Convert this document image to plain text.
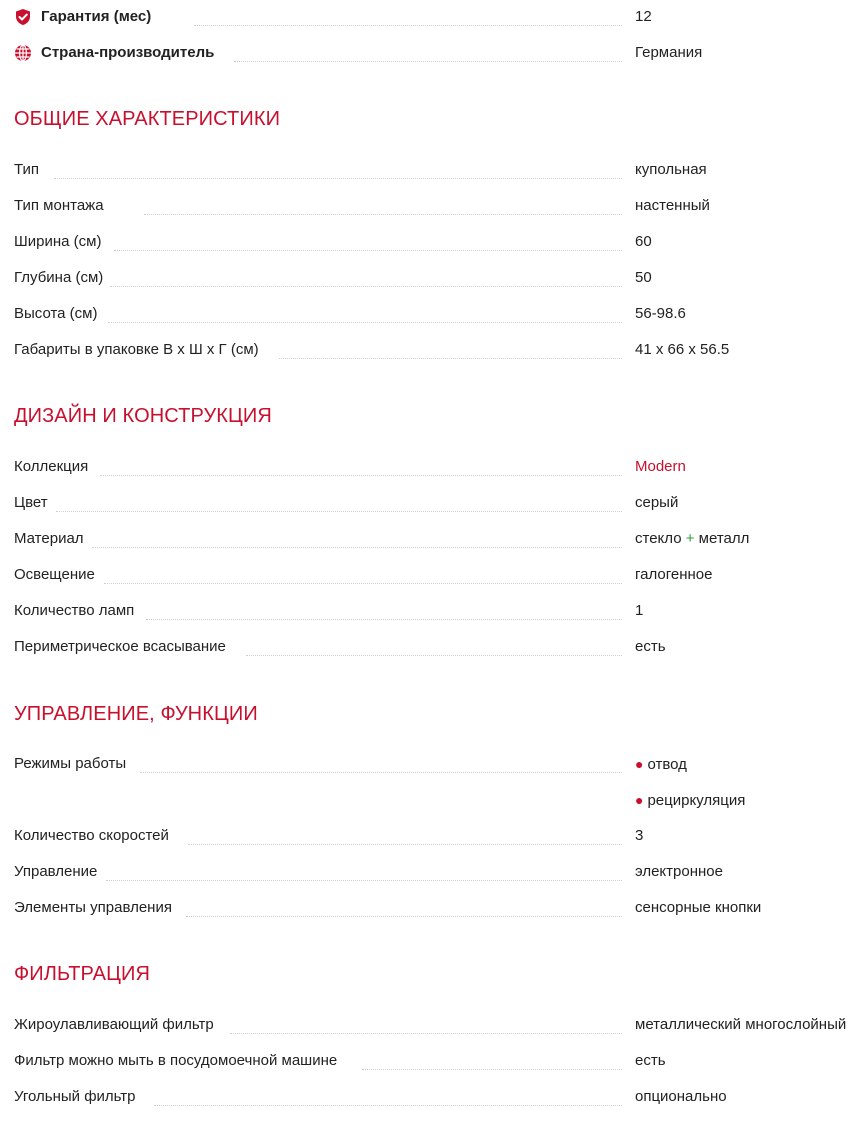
Гарантия (мес)	12
Страна-производитель	Германия
ОБЩИЕ ХАРАКТЕРИСТИКИ
Тип	купольная
Тип монтажа	настенный
Ширина (см)	60
Глубина (см)	50
Высота (см)	56-98.6
Габариты в упаковке В х Ш х Г (см)	41 х 66 х 56.5
ДИЗАЙН И КОНСТРУКЦИЯ
Коллекция	Modern
Цвет	серый
Материал	стекло + металл
Освещение	галогенное
Количество ламп	1
Периметрическое всасывание	есть
УПРАВЛЕНИЕ, ФУНКЦИИ
Режимы работы	● отвод
● рециркуляция
Количество скоростей	3
Управление	электронное
Элементы управления	сенсорные кнопки
ФИЛЬТРАЦИЯ
Жироулавливающий фильтр	металлический многослойный
Фильтр можно мыть в посудомоечной машине	есть
Угольный фильтр	опционально
